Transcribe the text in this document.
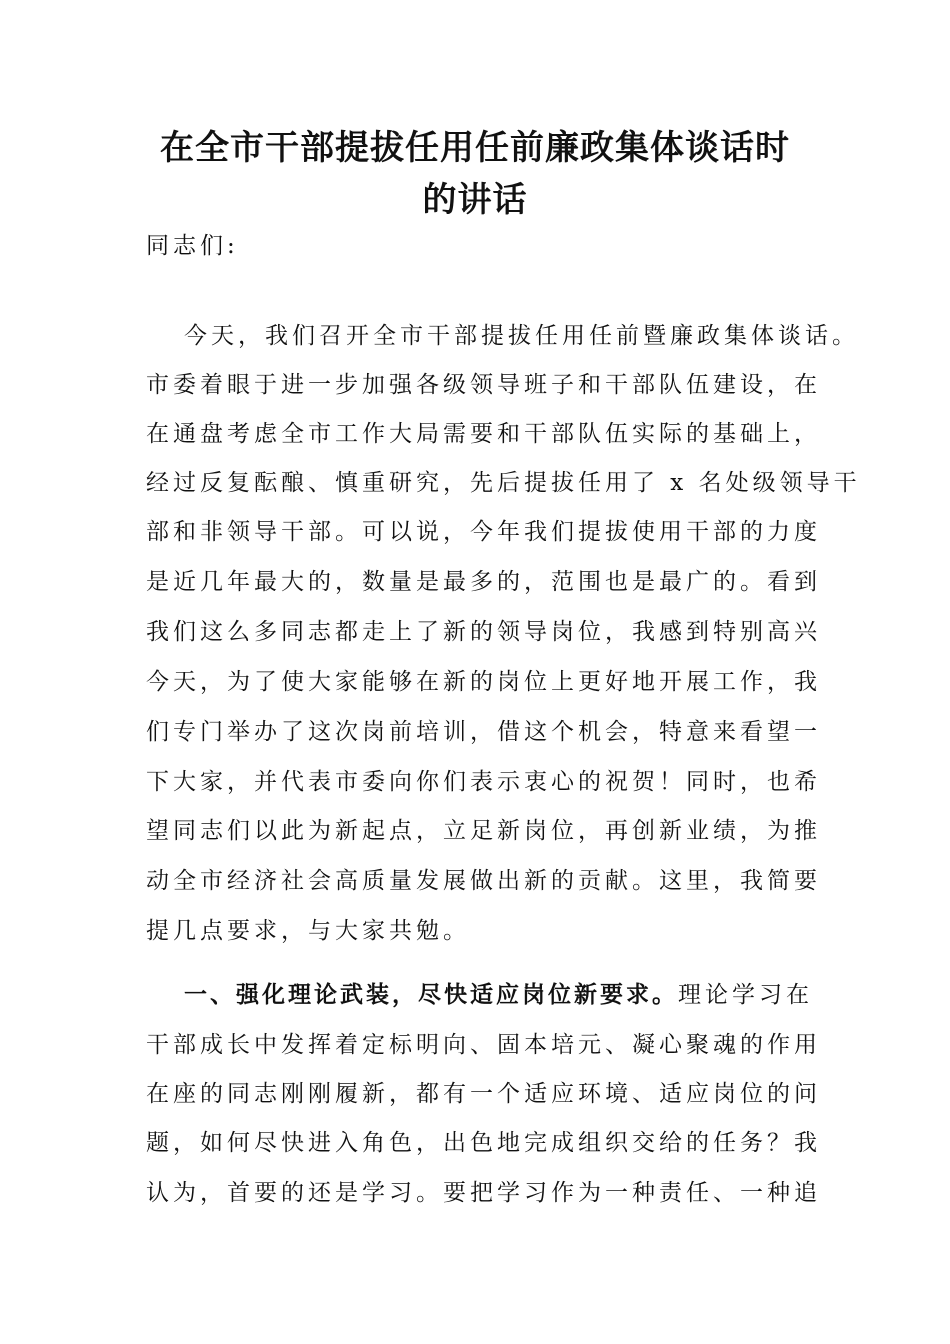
在全市干部提拔任用任前廉政集体谈话时
的讲话
同志们:
今天，我们召开全市干部提拔任用任前暨廉政集体谈话。
市委着眼于进一步加强各级领导班子和干部队伍建设，在
在通盘考虑全市工作大局需要和干部队伍实际的基础上，
经过反复酝酿、慎重研究，先后提拔任用了 x 名处级领导干
部和非领导干部。可以说，今年我们提拔使用干部的力度
是近几年最大的，数量是最多的，范围也是最广的。看到
我们这么多同志都走上了新的领导岗位，我感到特别高兴
今天，为了使大家能够在新的岗位上更好地开展工作，我
们专门举办了这次岗前培训，借这个机会，特意来看望一
下大家，并代表市委向你们表示衷心的祝贺！同时，也希
望同志们以此为新起点，立足新岗位，再创新业绩，为推
动全市经济社会高质量发展做出新的贡献。这里，我简要
提几点要求，与大家共勉。
一、强化理论武装，尽快适应岗位新要求。理论学习在
干部成长中发挥着定标明向、固本培元、凝心聚魂的作用
在座的同志刚刚履新，都有一个适应环境、适应岗位的问
题，如何尽快进入角色，出色地完成组织交给的任务？我
认为，首要的还是学习。要把学习作为一种责任、一种追
